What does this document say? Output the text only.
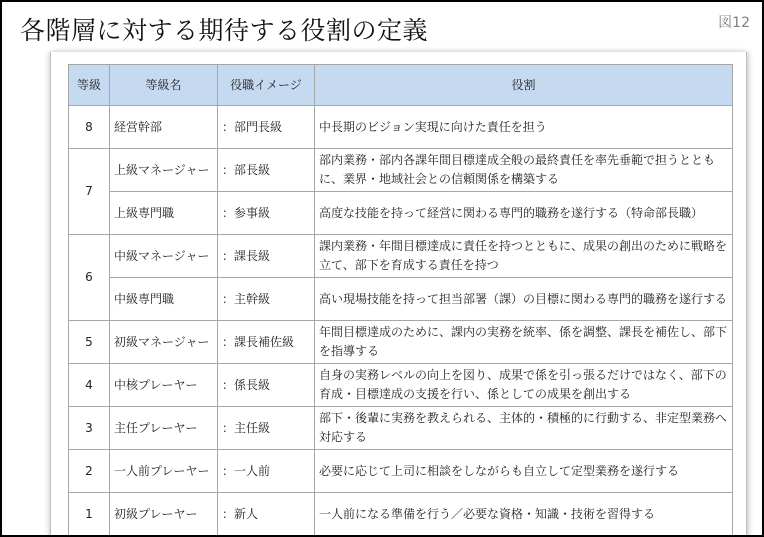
各階層に対する期待する役割の定義	図12
等級	等級名	役職イメージ	役割
8	経営幹部	：部門長級	中長期のビジョン実現に向けた責任を担う
7	上級マネージャー	：部長級	部内業務・部内各課年間目標達成全般の最終責任を率先垂範で担うとともに、業界・地域社会との信頼関係を構築する
	上級専門職	：参事級	高度な技能を持って経営に関わる専門的職務を遂行する（特命部長職）
6	中級マネージャー	：課長級	課内業務・年間目標達成に責任を持つとともに、成果の創出のために戦略を立て、部下を育成する責任を持つ
	中級専門職	：主幹級	高い現場技能を持って担当部署（課）の目標に関わる専門的職務を遂行する
5	初級マネージャー	：課長補佐級	年間目標達成のために、課内の実務を統率、係を調整、課長を補佐し、部下を指導する
4	中核プレーヤー	：係長級	自身の実務レベルの向上を図り、成果で係を引っ張るだけではなく、部下の育成・目標達成の支援を行い、係としての成果を創出する
3	主任プレーヤー	：主任級	部下・後輩に実務を教えられる、主体的・積極的に行動する、非定型業務へ対応する
2	一人前プレーヤー	：一人前	必要に応じて上司に相談をしながらも自立して定型業務を遂行する
1	初級プレーヤー	：新人	一人前になる準備を行う／必要な資格・知識・技術を習得する
